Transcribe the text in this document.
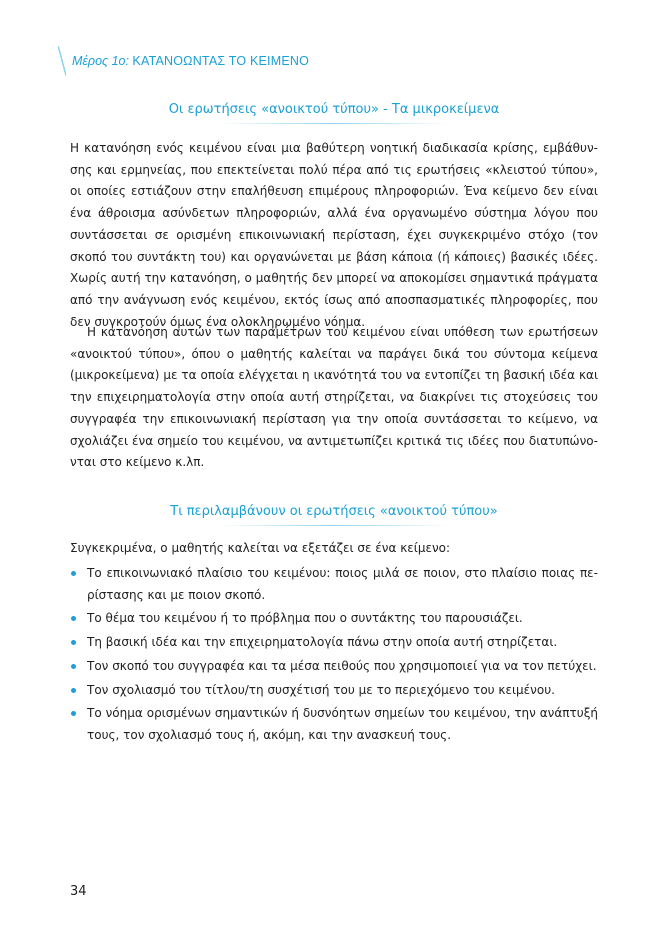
Μέρος 1ο: ΚΑΤΑΝΟΩΝΤΑΣ ΤΟ ΚΕΙΜΕΝΟ
Οι ερωτήσεις «ανοικτού τύπου» - Τα μικροκείμενα

Η κατανόηση ενός κειμένου είναι μια βαθύτερη νοητική διαδικασία κρίσης, εμβάθυνσης και ερμηνείας, που επεκτείνεται πολύ πέρα από τις ερωτήσεις «κλειστού τύπου», οι οποίες εστιάζουν στην επαλήθευση επιμέρους πληροφοριών. Ένα κείμενο δεν είναι ένα άθροισμα ασύνδετων πληροφοριών, αλλά ένα οργανωμένο σύστημα λόγου που συντάσσεται σε ορισμένη επικοινωνιακή περίσταση, έχει συγκεκριμένο στόχο (τον σκοπό του συντάκτη του) και οργανώνεται με βάση κάποια (ή κάποιες) βασικές ιδέες. Χωρίς αυτή την κατανόηση, ο μαθητής δεν μπορεί να αποκομίσει σημαντικά πράγματα από την ανάγνωση ενός κειμένου, εκτός ίσως από αποσπασματικές πληροφορίες, που δεν συγκροτούν όμως ένα ολοκληρωμένο νόημα.

Η κατανόηση αυτών των παραμέτρων του κειμένου είναι υπόθεση των ερωτήσεων «ανοικτού τύπου», όπου ο μαθητής καλείται να παράγει δικά του σύντομα κείμενα (μικροκείμενα) με τα οποία ελέγχεται η ικανότητά του να εντοπίζει τη βασική ιδέα και την επιχειρηματολογία στην οποία αυτή στηρίζεται, να διακρίνει τις στοχεύσεις του συγγραφέα την επικοινωνιακή περίσταση για την οποία συντάσσεται το κείμενο, να σχολιάζει ένα σημείο του κειμένου, να αντιμετωπίζει κριτικά τις ιδέες που διατυπώνονται στο κείμενο κ.λπ.

Τι περιλαμβάνουν οι ερωτήσεις «ανοικτού τύπου»
Συγκεκριμένα, ο μαθητής καλείται να εξετάζει σε ένα κείμενο:
Το επικοινωνιακό πλαίσιο του κειμένου: ποιος μιλά σε ποιον, στο πλαίσιο ποιας περίστασης και με ποιον σκοπό.
Το θέμα του κειμένου ή το πρόβλημα που ο συντάκτης του παρουσιάζει.
Τη βασική ιδέα και την επιχειρηματολογία πάνω στην οποία αυτή στηρίζεται.
Τον σκοπό του συγγραφέα και τα μέσα πειθούς που χρησιμοποιεί για να τον πετύχει.
Τον σχολιασμό του τίτλου/τη συσχέτισή του με το περιεχόμενο του κειμένου.
Το νόημα ορισμένων σημαντικών ή δυσνόητων σημείων του κειμένου, την ανάπτυξή τους, τον σχολιασμό τους ή, ακόμη, και την ανασκευή τους.
34
